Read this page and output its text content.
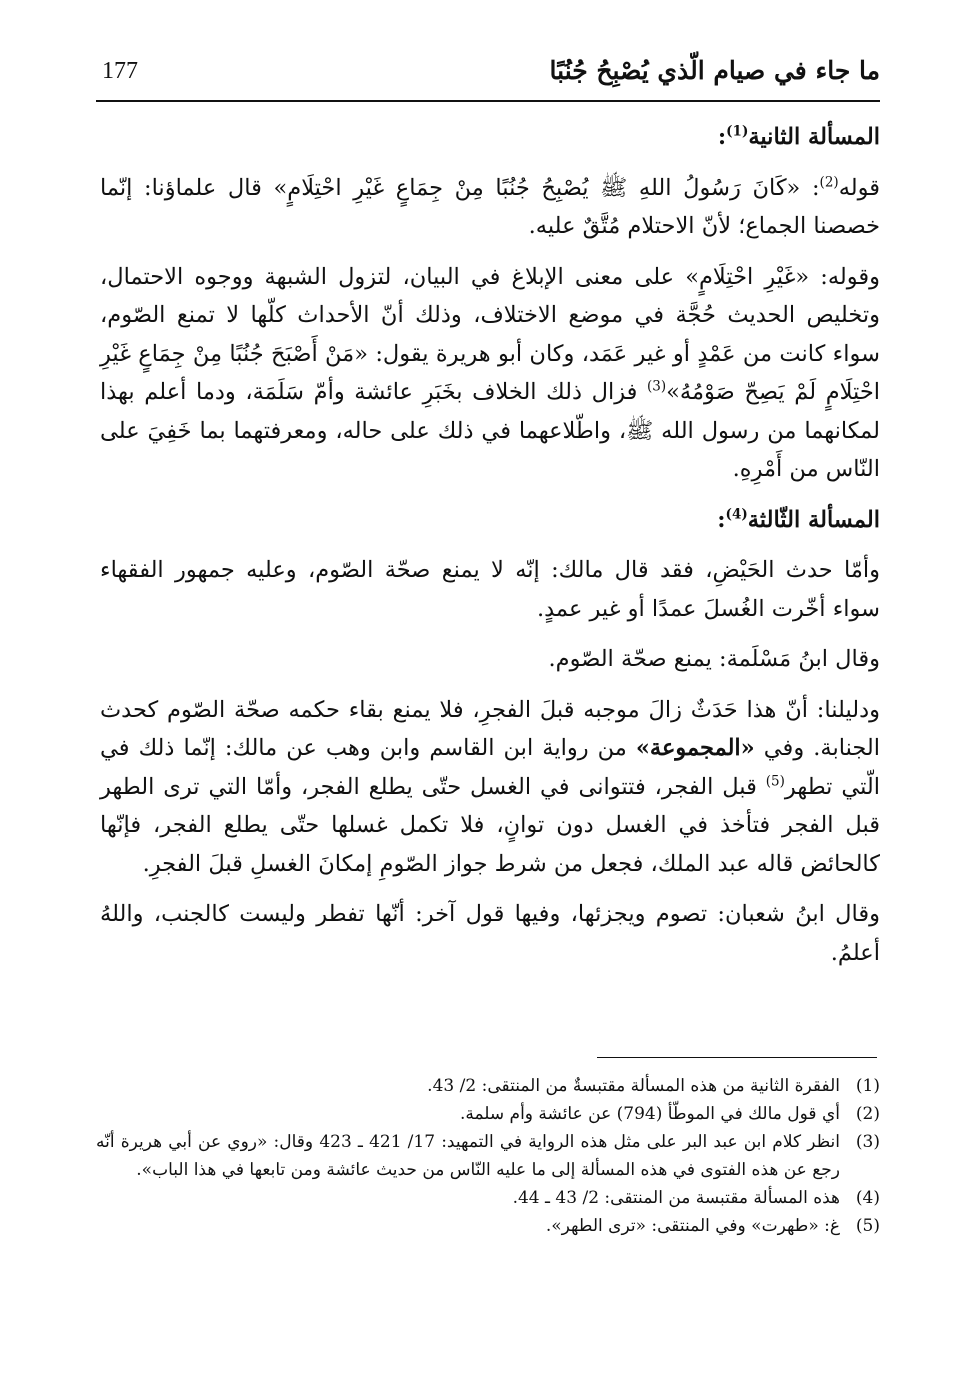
ما جاء في صيام الّذي يُصْبِحُ جُنُبًا
177
المسألة الثانية$^{(1)}$:

قوله$^{(2)}$: «كَانَ رَسُولُ اللهِ ﷺ يُصْبِحُ جُنُبًا مِنْ جِمَاعٍ غَيْرِ احْتِلَامٍ» قال علماؤنا: إنّما خصصنا الجماع؛ لأنّ الاحتلام مُتَّقٌ عليه.

وقوله: «غَيْرِ احْتِلَامٍ» على معنى الإبلاغ في البيان، لتزول الشبهة ووجوه الاحتمال، وتخليص الحديث حُجَّة في موضع الاختلاف، وذلك أنّ الأحداث كلّها لا تمنع الصّوم، سواء كانت من عَمْدٍ أو غير عَمَد، وكان أبو هريرة يقول: «مَنْ أَصْبَحَ جُنُبًا مِنْ جِمَاعٍ غَيْرِ احْتِلَامٍ لَمْ يَصِحّ صَوْمُهُ»$^{(3)}$ فزال ذلك الخلاف بخَبَرِ عائشة وأمّ سَلَمَة، ودما أعلم بهذا لمكانهما من رسول الله ﷺ، واطّلاعهما في ذلك على حاله، ومعرفتهما بما خَفِيَ على النّاس من أَمْرِهِ.

المسألة الثّالثة$^{(4)}$:

وأمّا حدث الحَيْضِ، فقد قال مالك: إنّه لا يمنع صحّة الصّوم، وعليه جمهور الفقهاء سواء أخّرت الغُسلَ عمدًا أو غير عمدٍ.

وقال ابنُ مَسْلَمة: يمنع صحّة الصّوم.

ودليلنا: أنّ هذا حَدَثٌ زالَ موجبه قبلَ الفجرِ، فلا يمنع بقاء حكمه صحّة الصّوم كحدث الجنابة. وفي «المجموعة» من رواية ابن القاسم وابن وهب عن مالك: إنّما ذلك في الّتي تطهر$^{(5)}$ قبل الفجر، فتتوانى في الغسل حتّى يطلع الفجر، وأمّا التي ترى الطهر قبل الفجر فتأخذ في الغسل دون توانٍ، فلا تكمل غسلها حتّى يطلع الفجر، فإنّها كالحائض قاله عبد الملك، فجعل من شرط جواز الصّومِ إمكانَ الغسلِ قبلَ الفجرِ.

وقال ابنُ شعبان: تصوم ويجزئها، وفيها قول آخر: أنّها تفطر وليست كالجنب، واللهُ أعلمُ.

(1)
الفقرة الثانية من هذه المسألة مقتبسةٌ من المنتقى: 2/ 43.
(2)
أي قول مالك في الموطّأ (794) عن عائشة وأم سلمة.
(3)
انظر كلام ابن عبد البر على مثل هذه الرواية في التمهيد: 17/ 421 ـ 423 وقال: «روي عن أبي هريرة أنّه رجع عن هذه الفتوى في هذه المسألة إلى ما عليه النّاس من حديث عائشة ومن تابعها في هذا الباب».
(4)
هذه المسألة مقتبسة من المنتقى: 2/ 43 ـ 44.
(5)
غ: «طهرت» وفي المنتقى: «ترى الطهر».
